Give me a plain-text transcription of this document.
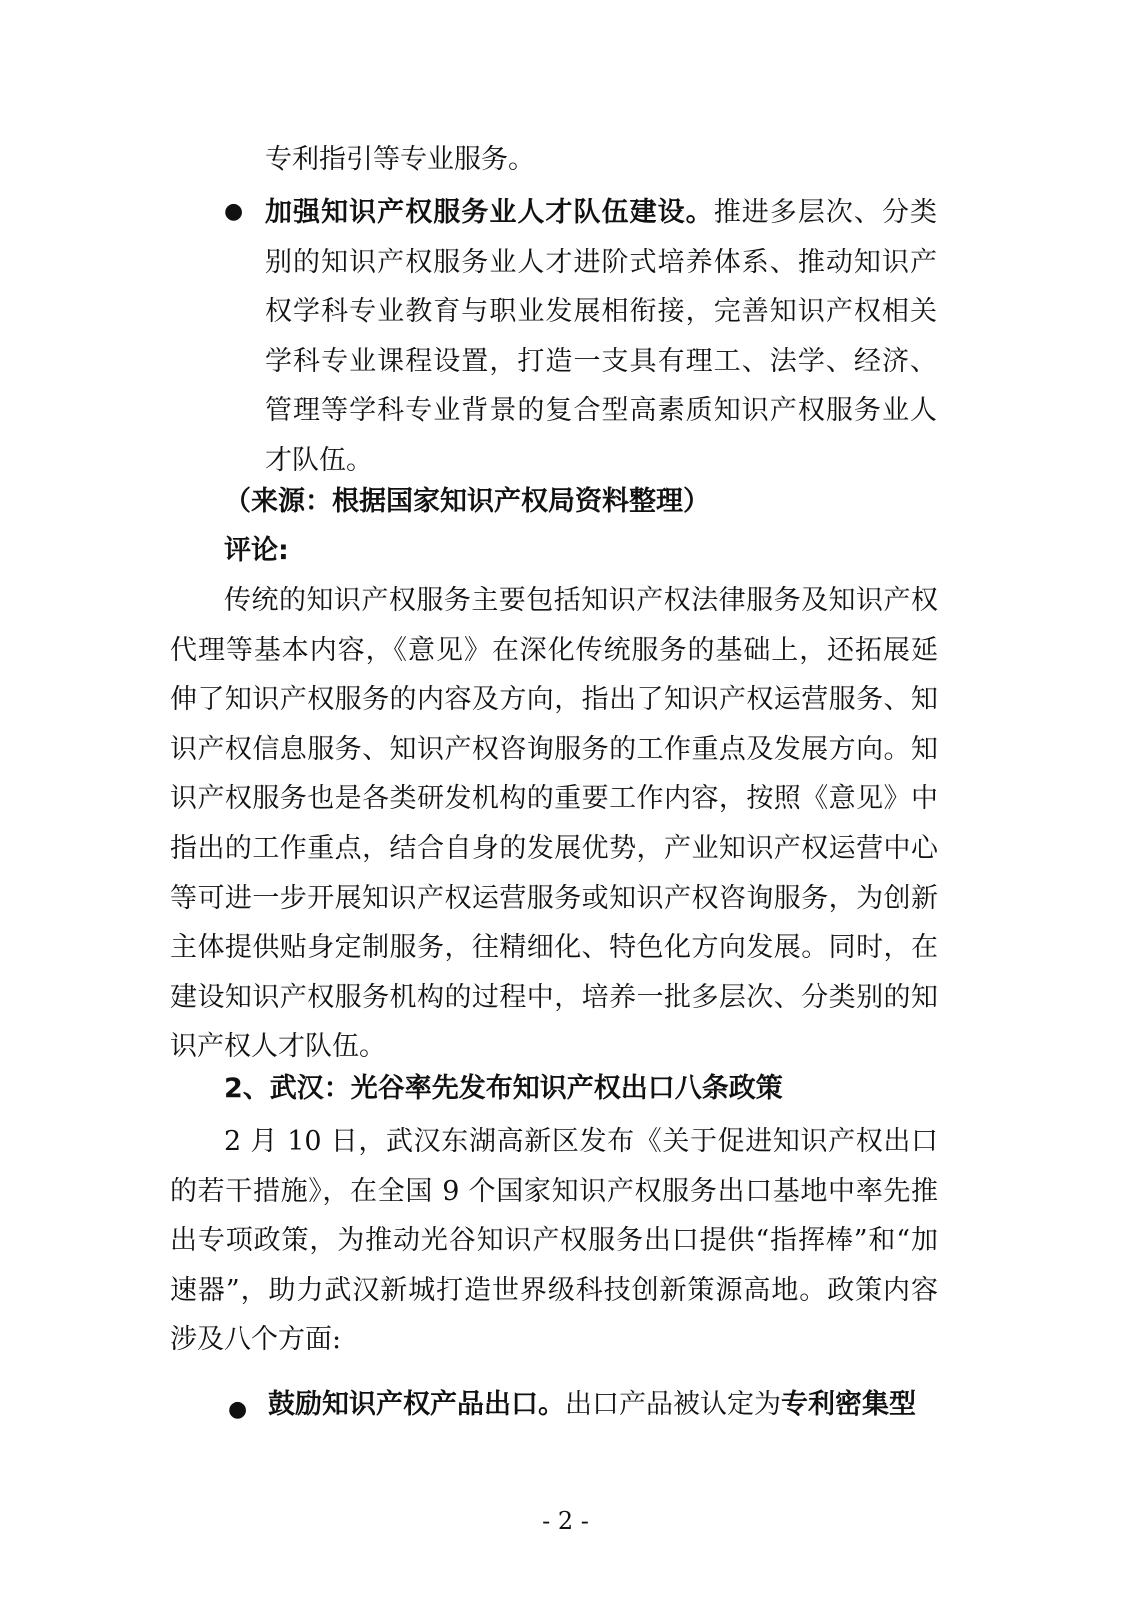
专利指引等专业服务。
● 加强知识产权服务业人才队伍建设。推进多层次、分类别的知识产权服务业人才进阶式培养体系、推动知识产权学科专业教育与职业发展相衔接，完善知识产权相关学科专业课程设置，打造一支具有理工、法学、经济、管理等学科专业背景的复合型高素质知识产权服务业人才队伍。
（来源：根据国家知识产权局资料整理）
评论:
传统的知识产权服务主要包括知识产权法律服务及知识产权代理等基本内容，《意见》在深化传统服务的基础上，还拓展延伸了知识产权服务的内容及方向，指出了知识产权运营服务、知识产权信息服务、知识产权咨询服务的工作重点及发展方向。知识产权服务也是各类研发机构的重要工作内容，按照《意见》中指出的工作重点，结合自身的发展优势，产业知识产权运营中心等可进一步开展知识产权运营服务或知识产权咨询服务，为创新主体提供贴身定制服务，往精细化、特色化方向发展。同时，在建设知识产权服务机构的过程中，培养一批多层次、分类别的知识产权人才队伍。
2、武汉：光谷率先发布知识产权出口八条政策
2 月 10 日，武汉东湖高新区发布《关于促进知识产权出口的若干措施》，在全国 9 个国家知识产权服务出口基地中率先推出专项政策，为推动光谷知识产权服务出口提供“指挥棒”和“加速器”，助力武汉新城打造世界级科技创新策源高地。政策内容涉及八个方面:
● 鼓励知识产权产品出口。出口产品被认定为专利密集型
- 2 -
